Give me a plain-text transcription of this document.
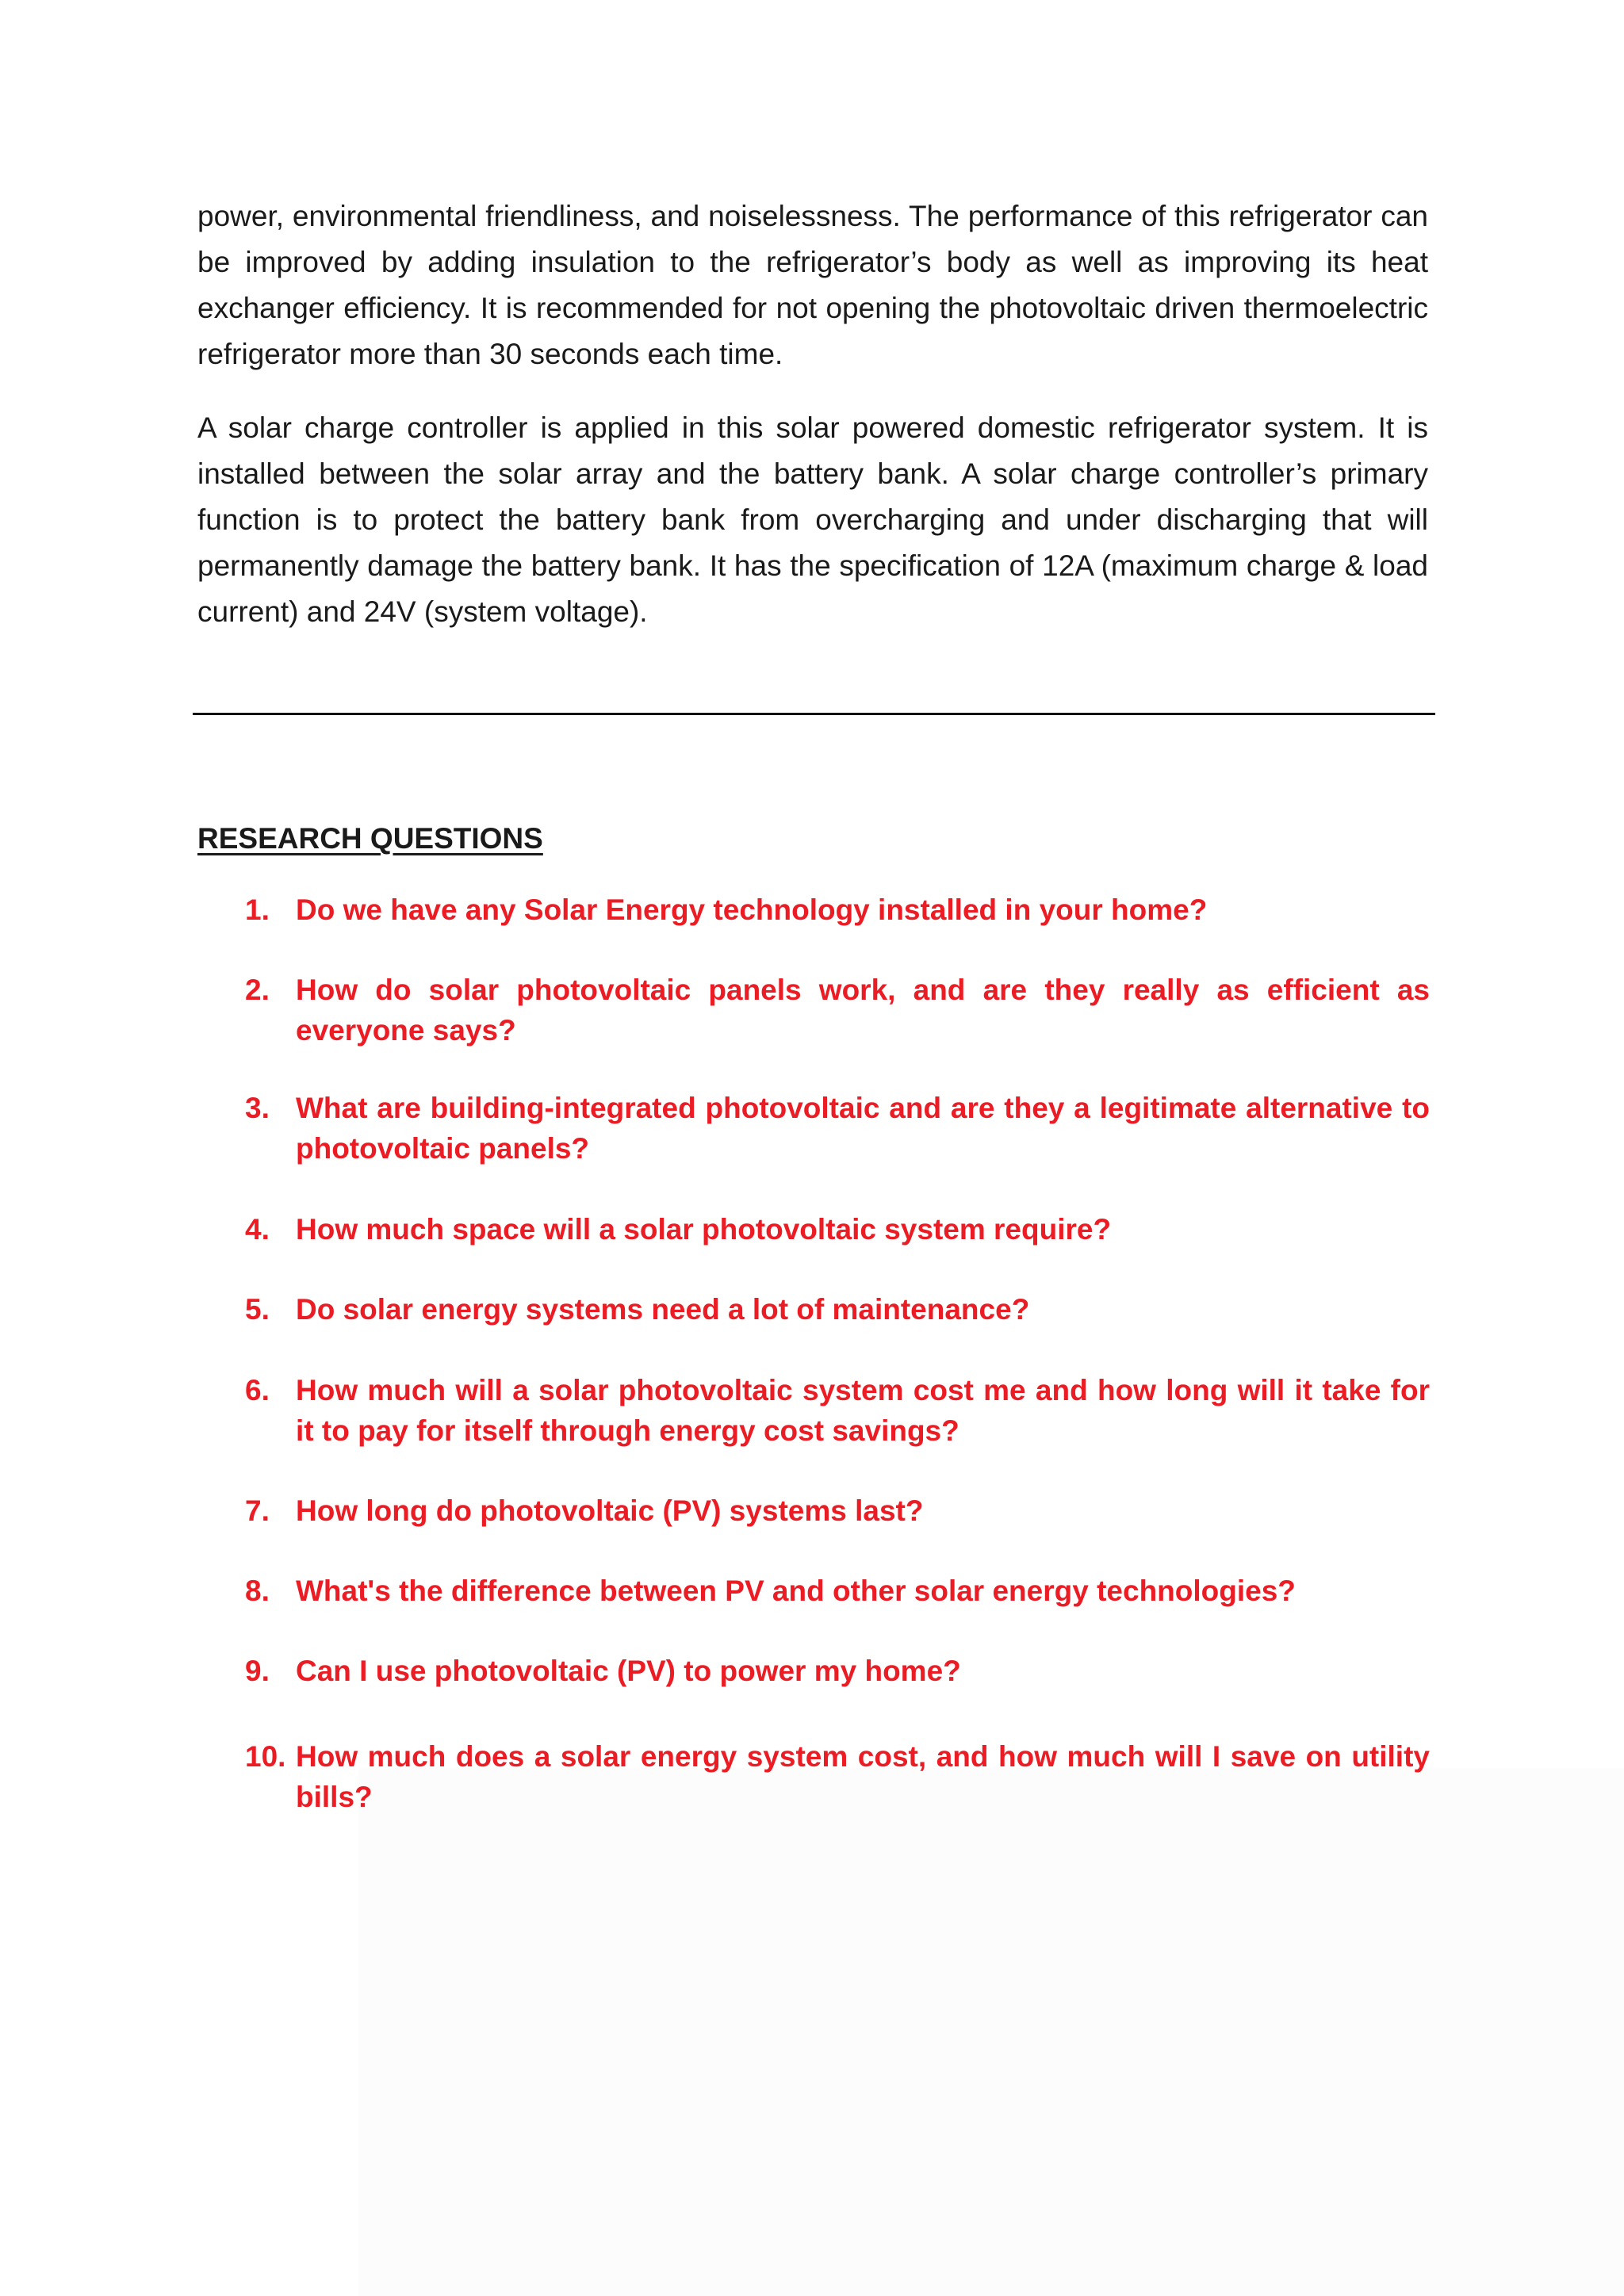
power, environmental friendliness, and noiselessness. The performance of this refrigerator can be improved by adding insulation to the refrigerator’s body as well as improving its heat exchanger efficiency. It is recommended for not opening the photovoltaic driven thermoelectric refrigerator more than 30 seconds each time.

A solar charge controller is applied in this solar powered domestic refrigerator system. It is installed between the solar array and the battery bank. A solar charge controller’s primary function is to protect the battery bank from overcharging and under discharging that will permanently damage the battery bank. It has the specification of 12A (maximum charge & load current) and 24V (system voltage).

RESEARCH QUESTIONS
1. Do we have any Solar Energy technology installed in your home?
2. How do solar photovoltaic panels work, and are they really as efficient as everyone says?
3. What are building-integrated photovoltaic and are they a legitimate alternative to photovoltaic panels?
4. How much space will a solar photovoltaic system require?
5. Do solar energy systems need a lot of maintenance?
6. How much will a solar photovoltaic system cost me and how long will it take for it to pay for itself through energy cost savings?
7. How long do photovoltaic (PV) systems last?
8. What's the difference between PV and other solar energy technologies?
9. Can I use photovoltaic (PV) to power my home?
10. How much does a solar energy system cost, and how much will I save on utility bills?
